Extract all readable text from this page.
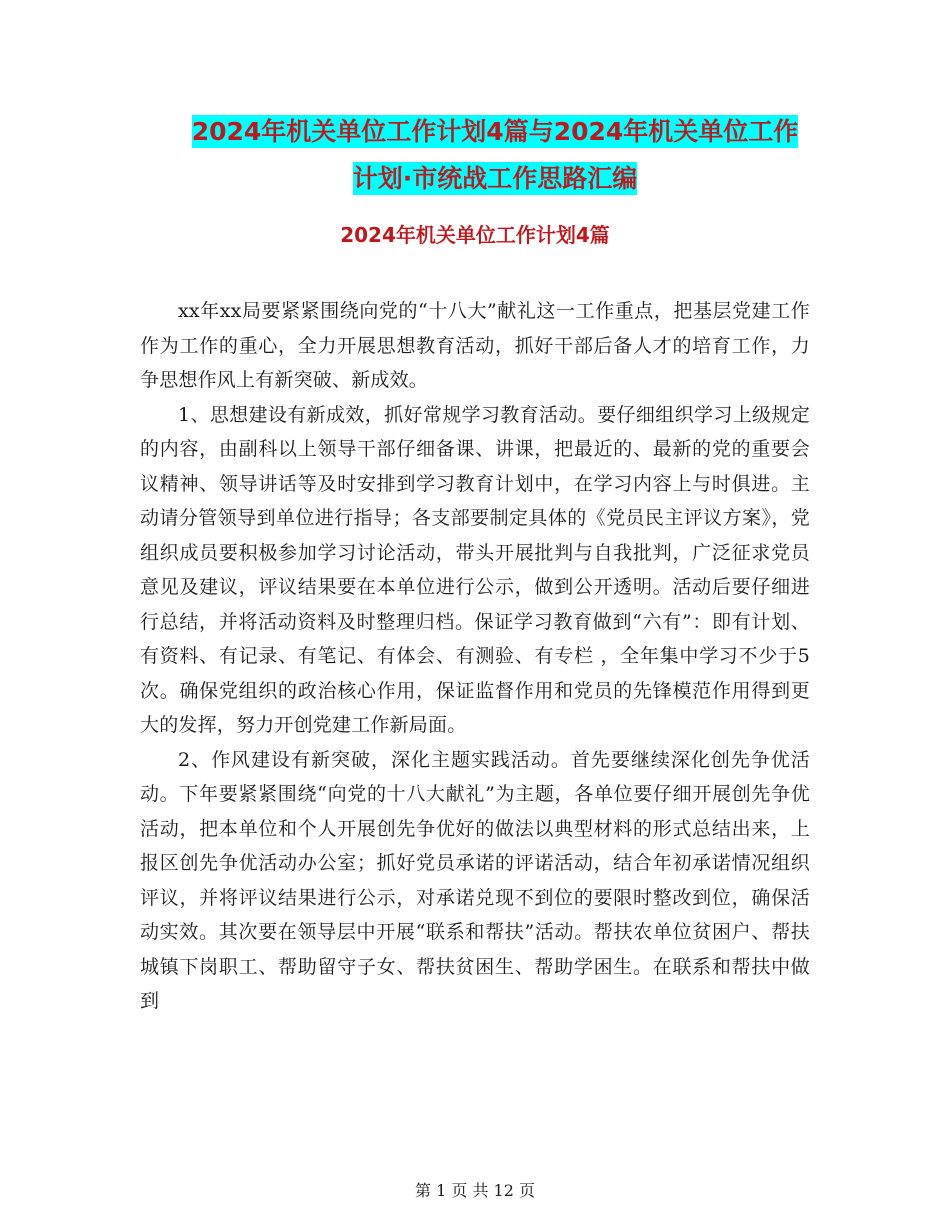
2024年机关单位工作计划4篇与2024年机关单位工作
计划·市统战工作思路汇编
2024年机关单位工作计划4篇

xx年xx局要紧紧围绕向党的“十八大”献礼这一工作重点，把基层党建工作作为工作的重心，全力开展思想教育活动，抓好干部后备人才的培育工作，力争思想作风上有新突破、新成效。

1、思想建设有新成效，抓好常规学习教育活动。要仔细组织学习上级规定的内容，由副科以上领导干部仔细备课、讲课，把最近的、最新的党的重要会议精神、领导讲话等及时安排到学习教育计划中，在学习内容上与时俱进。主动请分管领导到单位进行指导；各支部要制定具体的《党员民主评议方案》，党组织成员要积极参加学习讨论活动，带头开展批判与自我批判，广泛征求党员意见及建议，评议结果要在本单位进行公示，做到公开透明。活动后要仔细进行总结，并将活动资料及时整理归档。保证学习教育做到“六有”：即有计划、有资料、有记录、有笔记、有体会、有测验、有专栏 ，全年集中学习不少于5次。确保党组织的政治核心作用，保证监督作用和党员的先锋模范作用得到更大的发挥，努力开创党建工作新局面。

2、作风建设有新突破，深化主题实践活动。首先要继续深化创先争优活动。下年要紧紧围绕“向党的十八大献礼”为主题，各单位要仔细开展创先争优活动，把本单位和个人开展创先争优好的做法以典型材料的形式总结出来，上报区创先争优活动办公室；抓好党员承诺的评诺活动，结合年初承诺情况组织评议，并将评议结果进行公示，对承诺兑现不到位的要限时整改到位，确保活动实效。其次要在领导层中开展“联系和帮扶”活动。帮扶农单位贫困户、帮扶城镇下岗职工、帮助留守子女、帮扶贫困生、帮助学困生。在联系和帮扶中做到

第 1 页 共 12 页
